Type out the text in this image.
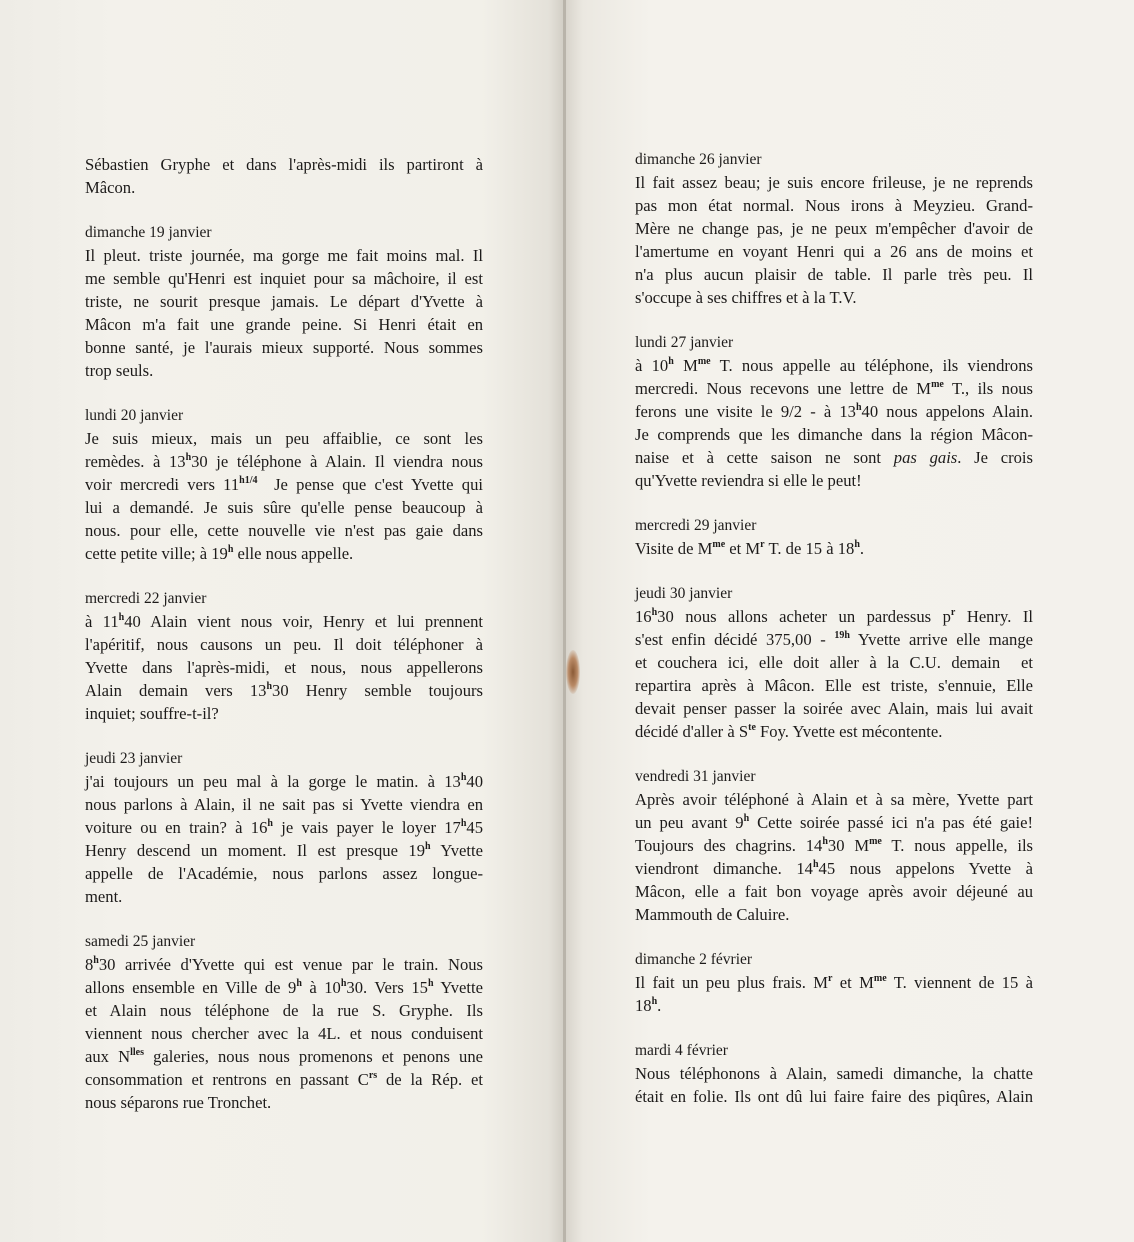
Sébastien Gryphe et dans l'après-midi ils partiront à
Mâcon.
dimanche 19 janvier
Il pleut. triste journée, ma gorge me fait moins mal. Il
me semble qu'Henri est inquiet pour sa mâchoire, il est
triste, ne sourit presque jamais. Le départ d'Yvette à
Mâcon m'a fait une grande peine. Si Henri était en
bonne santé, je l'aurais mieux supporté. Nous sommes
trop seuls.
lundi 20 janvier
Je suis mieux, mais un peu affaiblie, ce sont les
remèdes. à 13$^h$30 je téléphone à Alain. Il viendra nous
voir mercredi vers $11^{h1/4}$  Je pense que c'est Yvette qui
lui a demandé. Je suis sûre qu'elle pense beaucoup à
nous. pour elle, cette nouvelle vie n'est pas gaie dans
cette petite ville; à 19$^h$ elle nous appelle.
mercredi 22 janvier
à 11$^h$40 Alain vient nous voir, Henry et lui prennent
l'apéritif, nous causons un peu. Il doit téléphoner à
Yvette dans l'après-midi, et nous, nous appellerons
Alain demain vers 13$^h$30 Henry semble toujours
inquiet; souffre-t-il?
jeudi 23 janvier
j'ai toujours un peu mal à la gorge le matin. à 13$^h$40
nous parlons à Alain, il ne sait pas si Yvette viendra en
voiture ou en train? à 16$^h$ je vais payer le loyer 17$^h$45
Henry descend un moment. Il est presque 19$^h$ Yvette
appelle de l'Académie, nous parlons assez longue-
ment.
samedi 25 janvier
8$^h$30 arrivée d'Yvette qui est venue par le train. Nous
allons ensemble en Ville de 9$^h$ à 10$^h$30. Vers 15$^h$ Yvette
et Alain nous téléphone de la rue S. Gryphe. Ils
viennent nous chercher avec la 4L. et nous conduisent
aux $N^{lles}$ galeries, nous nous promenons et penons une
consommation et rentrons en passant $C^{rs}$ de la Rép. et
nous séparons rue Tronchet.
dimanche 26 janvier
Il fait assez beau; je suis encore frileuse, je ne reprends
pas mon état normal. Nous irons à Meyzieu. Grand-
Mère ne change pas, je ne peux m'empêcher d'avoir de
l'amertume en voyant Henri qui a 26 ans de moins et
n'a plus aucun plaisir de table. Il parle très peu. Il
s'occupe à ses chiffres et à la T.V.
lundi 27 janvier
à 10$^h$ $M^{me}$ T. nous appelle au téléphone, ils viendrons
mercredi. Nous recevons une lettre de $M^{me}$ T., ils nous
ferons une visite le 9/2 - à 13$^h$40 nous appelons Alain.
Je comprends que les dimanche dans la région Mâcon-
naise et à cette saison ne sont pas gais. Je crois
qu'Yvette reviendra si elle le peut!
mercredi 29 janvier
Visite de $M^{me}$ et $M^r$ T. de 15 à 18$^h$.
jeudi 30 janvier
16$^h$30 nous allons acheter un pardessus $p^r$ Henry. Il
s'est enfin décidé 375,00 - $^{19h}$ Yvette arrive elle mange
et couchera ici, elle doit aller à la C.U. demain  et
repartira après à Mâcon. Elle est triste, s'ennuie, Elle
devait penser passer la soirée avec Alain, mais lui avait
décidé d'aller à $S^{te}$ Foy. Yvette est mécontente.
vendredi 31 janvier
Après avoir téléphoné à Alain et à sa mère, Yvette part
un peu avant 9$^h$ Cette soirée passé ici n'a pas été gaie!
Toujours des chagrins. 14$^h$30 $M^{me}$ T. nous appelle, ils
viendront dimanche. 14$^h$45 nous appelons Yvette à
Mâcon, elle a fait bon voyage après avoir déjeuné au
Mammouth de Caluire.
dimanche 2 février
Il fait un peu plus frais. $M^r$ et $M^{me}$ T. viennent de 15 à
18$^h$.
mardi 4 février
Nous téléphonons à Alain, samedi dimanche, la chatte
était en folie. Ils ont dû lui faire faire des piqûres, Alain
